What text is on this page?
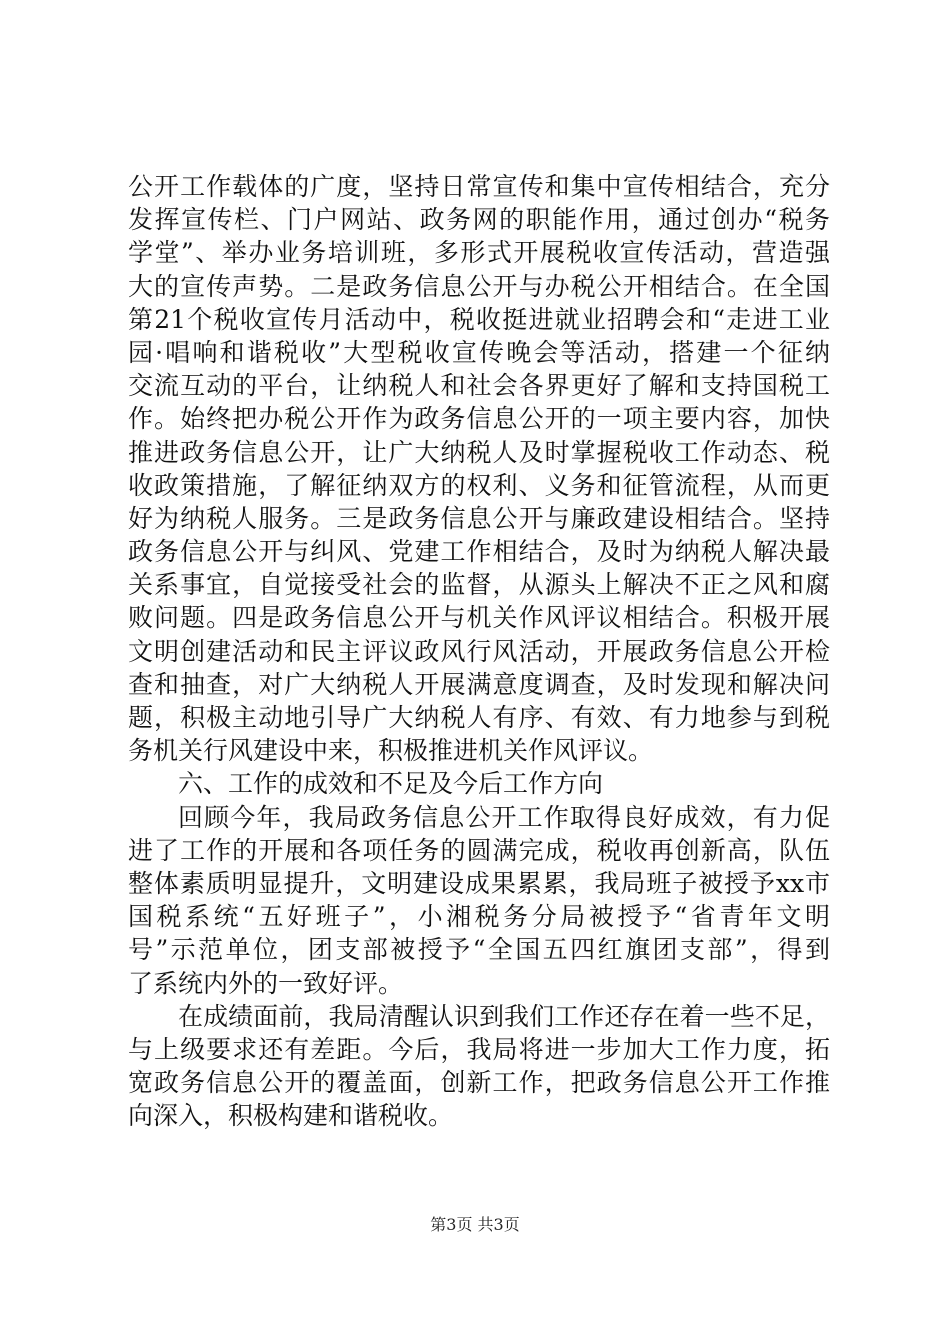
公开工作载体的广度，坚持日常宣传和集中宣传相结合，充分
发挥宣传栏、门户网站、政务网的职能作用，通过创办“税务
学堂”、举办业务培训班，多形式开展税收宣传活动，营造强
大的宣传声势。二是政务信息公开与办税公开相结合。在全国
第21个税收宣传月活动中，税收挺进就业招聘会和“走进工业
园·唱响和谐税收”大型税收宣传晚会等活动，搭建一个征纳
交流互动的平台，让纳税人和社会各界更好了解和支持国税工
作。始终把办税公开作为政务信息公开的一项主要内容，加快
推进政务信息公开，让广大纳税人及时掌握税收工作动态、税
收政策措施，了解征纳双方的权利、义务和征管流程，从而更
好为纳税人服务。三是政务信息公开与廉政建设相结合。坚持
政务信息公开与纠风、党建工作相结合，及时为纳税人解决最
关系事宜，自觉接受社会的监督，从源头上解决不正之风和腐
败问题。四是政务信息公开与机关作风评议相结合。积极开展
文明创建活动和民主评议政风行风活动，开展政务信息公开检
查和抽查，对广大纳税人开展满意度调查，及时发现和解决问
题，积极主动地引导广大纳税人有序、有效、有力地参与到税
务机关行风建设中来，积极推进机关作风评议。
六、工作的成效和不足及今后工作方向
回顾今年，我局政务信息公开工作取得良好成效，有力促
进了工作的开展和各项任务的圆满完成，税收再创新高，队伍
整体素质明显提升，文明建设成果累累，我局班子被授予xx市
国税系统“五好班子”，小湘税务分局被授予“省青年文明
号”示范单位，团支部被授予“全国五四红旗团支部”，得到
了系统内外的一致好评。
在成绩面前，我局清醒认识到我们工作还存在着一些不足，
与上级要求还有差距。今后，我局将进一步加大工作力度，拓
宽政务信息公开的覆盖面，创新工作，把政务信息公开工作推
向深入，积极构建和谐税收。
第3页 共3页
